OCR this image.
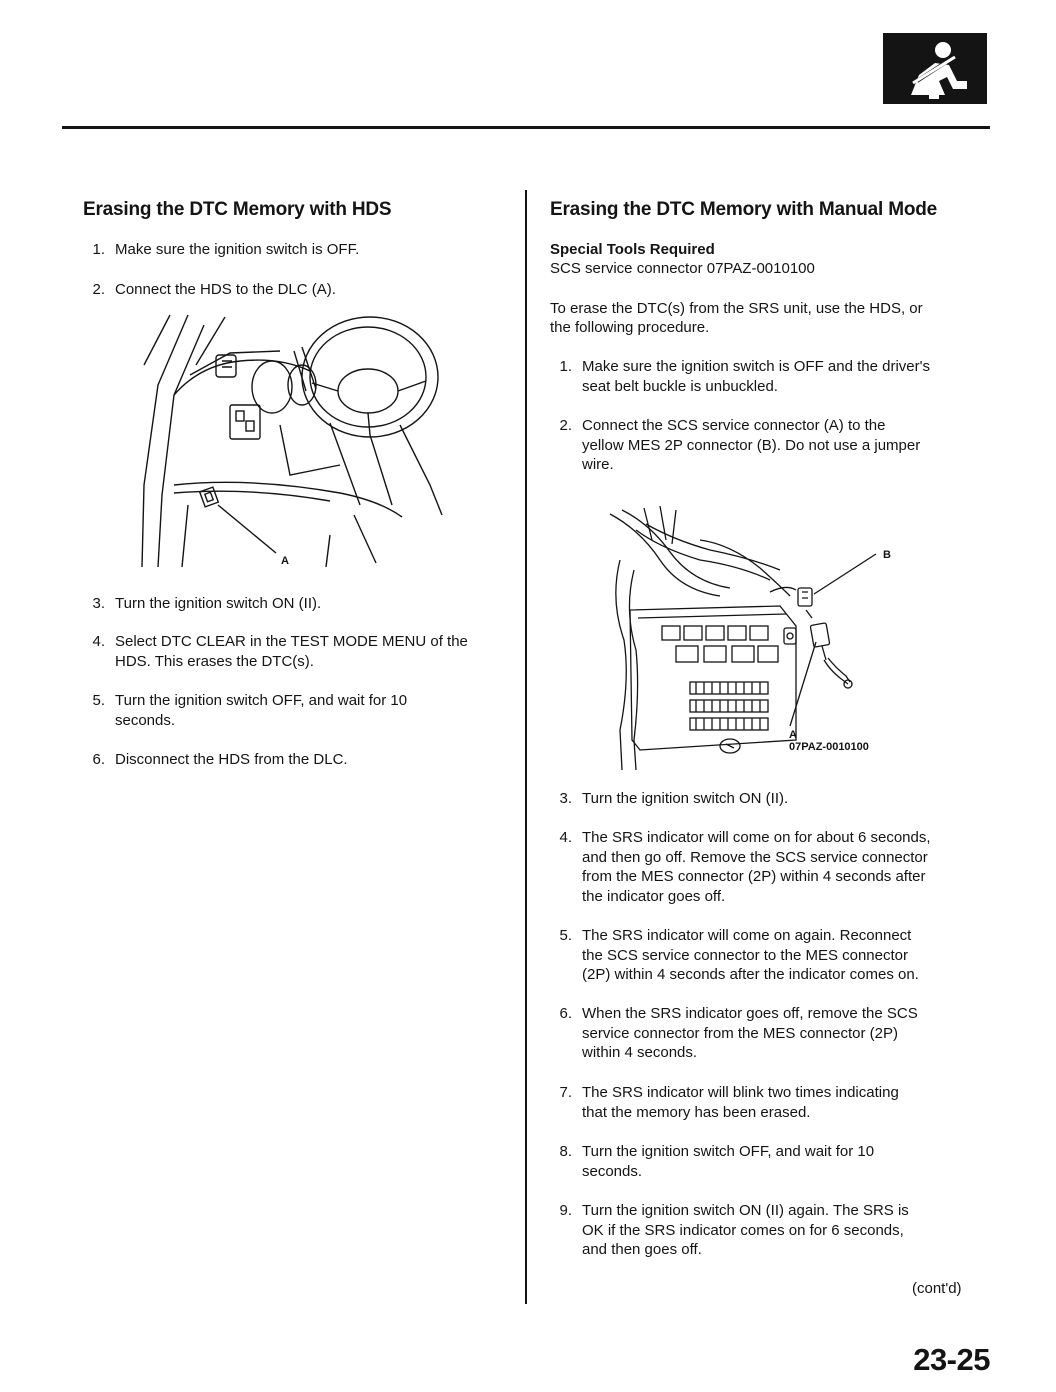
Erasing the DTC Memory with HDS
1. Make sure the ignition switch is OFF.
2. Connect the HDS to the DLC (A).
A
3. Turn the ignition switch ON (II).
4. Select DTC CLEAR in the TEST MODE MENU of the
HDS. This erases the DTC(s).
5. Turn the ignition switch OFF, and wait for 10
seconds.
6. Disconnect the HDS from the DLC.
Erasing the DTC Memory with Manual Mode
Special Tools Required
SCS service connector 07PAZ-0010100
To erase the DTC(s) from the SRS unit, use the HDS, or
the following procedure.
1. Make sure the ignition switch is OFF and the driver's
seat belt buckle is unbuckled.
2. Connect the SCS service connector (A) to the
yellow MES 2P connector (B). Do not use a jumper
wire.
B
A
07PAZ-0010100
3. Turn the ignition switch ON (II).
4. The SRS indicator will come on for about 6 seconds,
and then go off. Remove the SCS service connector
from the MES connector (2P) within 4 seconds after
the indicator goes off.
5. The SRS indicator will come on again. Reconnect
the SCS service connector to the MES connector
(2P) within 4 seconds after the indicator comes on.
6. When the SRS indicator goes off, remove the SCS
service connector from the MES connector (2P)
within 4 seconds.
7. The SRS indicator will blink two times indicating
that the memory has been erased.
8. Turn the ignition switch OFF, and wait for 10
seconds.
9. Turn the ignition switch ON (II) again. The SRS is
OK if the SRS indicator comes on for 6 seconds,
and then goes off.
(cont'd)
23-25
